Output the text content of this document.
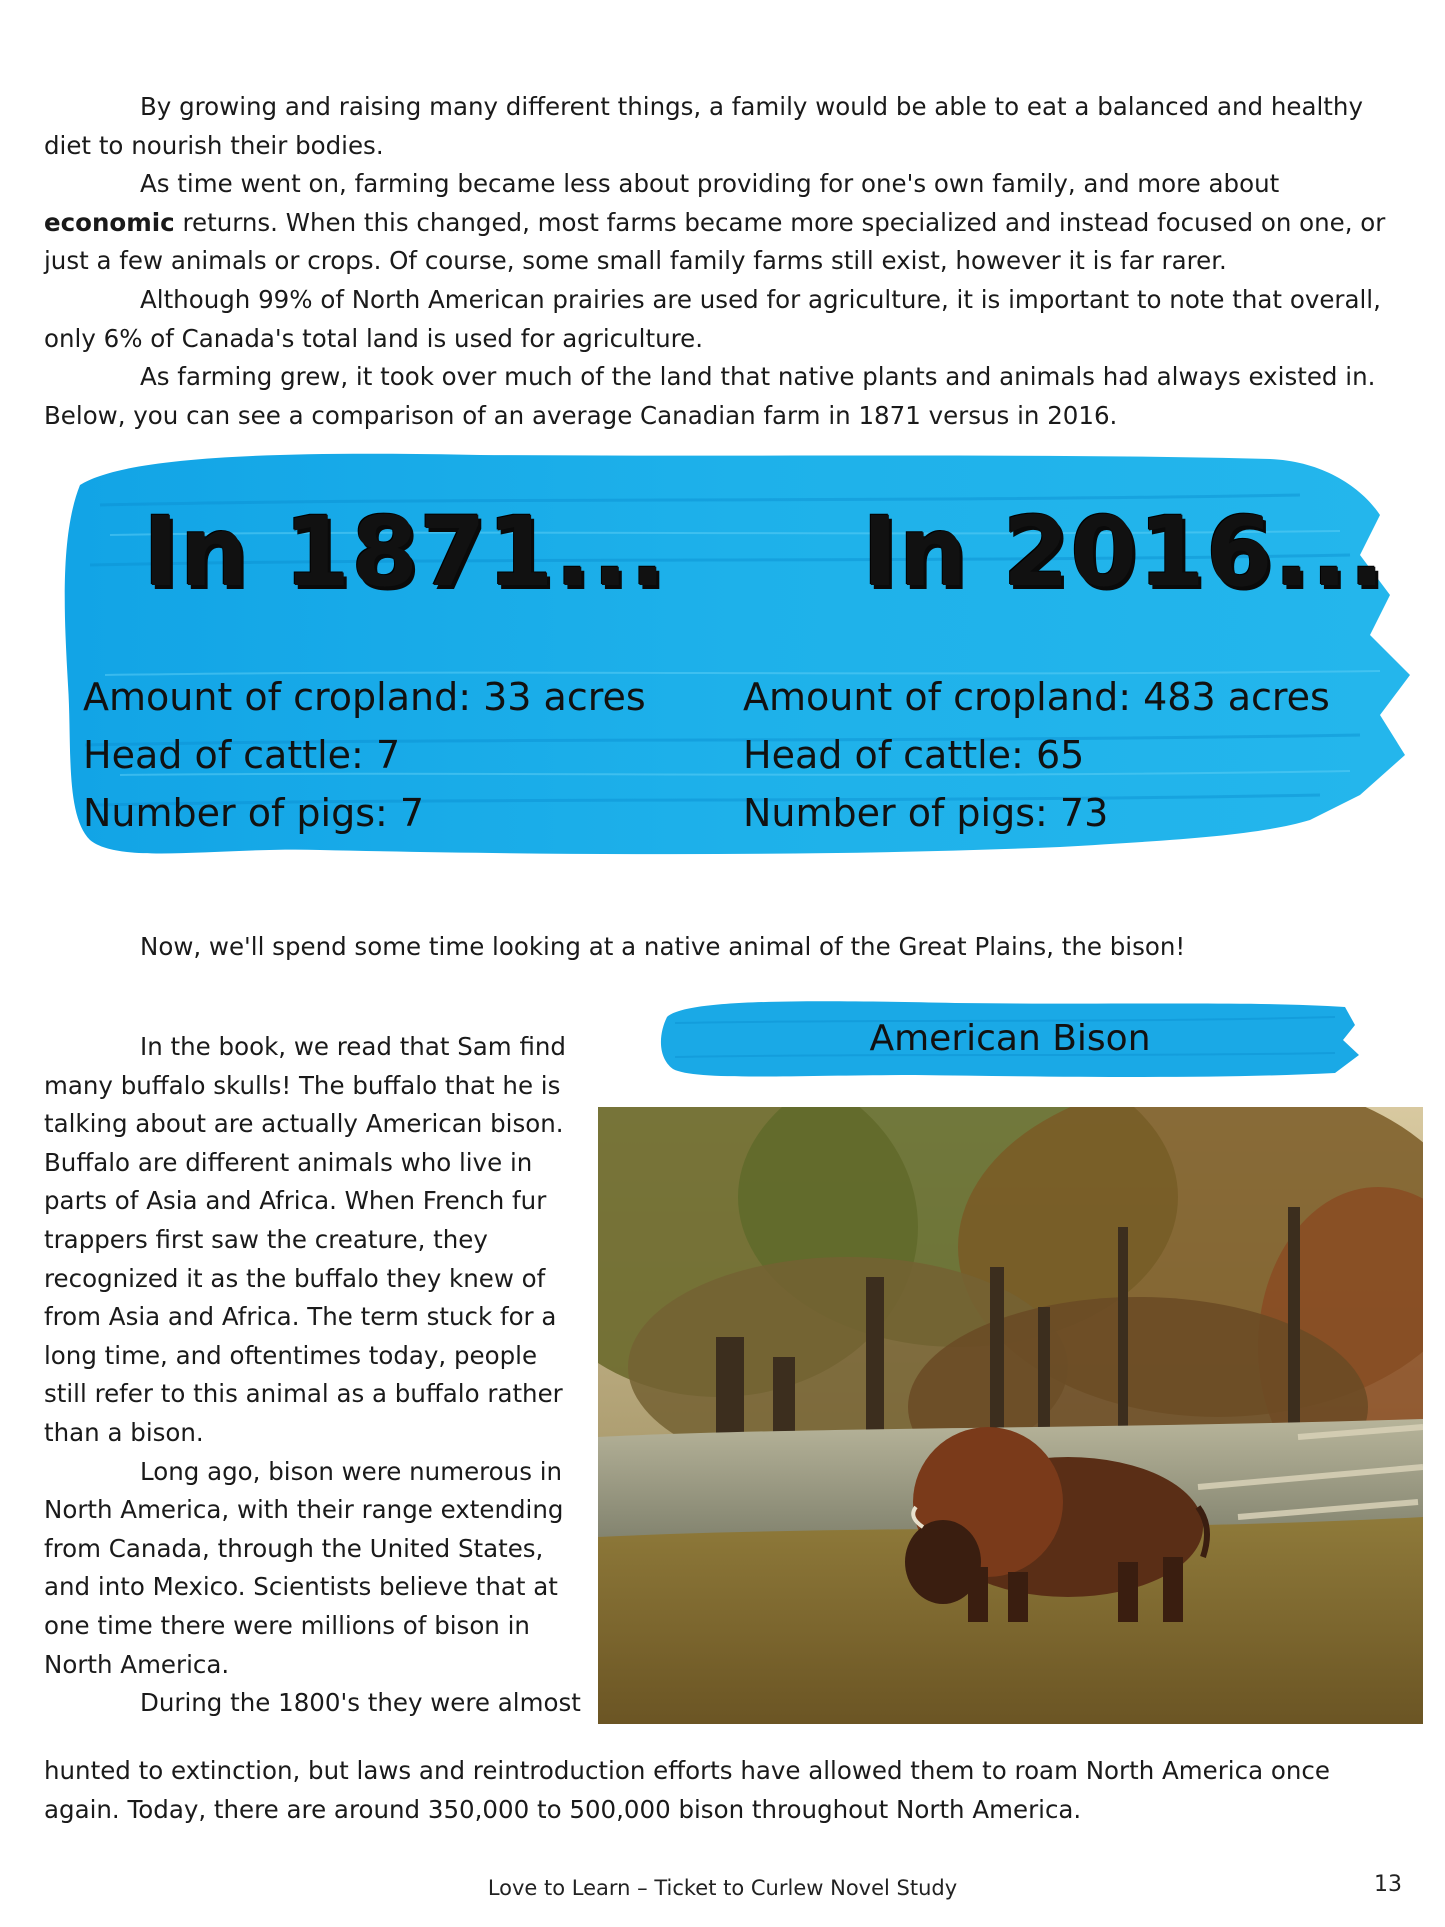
By growing and raising many different things, a family would be able to eat a balanced and healthy diet to nourish their bodies.

As time went on, farming became less about providing for one's own family, and more about economic returns. When this changed, most farms became more specialized and instead focused on one, or just a few animals or crops. Of course, some small family farms still exist, however it is far rarer.

Although 99% of North American prairies are used for agriculture, it is important to note that overall, only 6% of Canada's total land is used for agriculture.

As farming grew, it took over much of the land that native plants and animals had always existed in. Below, you can see a comparison of an average Canadian farm in 1871 versus in 2016.

In 1871... In 2016...
Amount of cropland: 33 acres
Head of cattle: 7
Number of pigs: 7
Amount of cropland: 483 acres
Head of cattle: 65
Number of pigs: 73

Now, we'll spend some time looking at a native animal of the Great Plains, the bison!

American Bison
In the book, we read that Sam find many buffalo skulls! The buffalo that he is talking about are actually American bison. Buffalo are different animals who live in parts of Asia and Africa. When French fur trappers first saw the creature, they recognized it as the buffalo they knew of from Asia and Africa. The term stuck for a long time, and oftentimes today, people still refer to this animal as a buffalo rather than a bison.
Long ago, bison were numerous in North America, with their range extending from Canada, through the United States, and into Mexico. Scientists believe that at one time there were millions of bison in North America.
During the 1800's they were almost

hunted to extinction, but laws and reintroduction efforts have allowed them to roam North America once again. Today, there are around 350,000 to 500,000 bison throughout North America.

Love to Learn – Ticket to Curlew Novel Study	13
